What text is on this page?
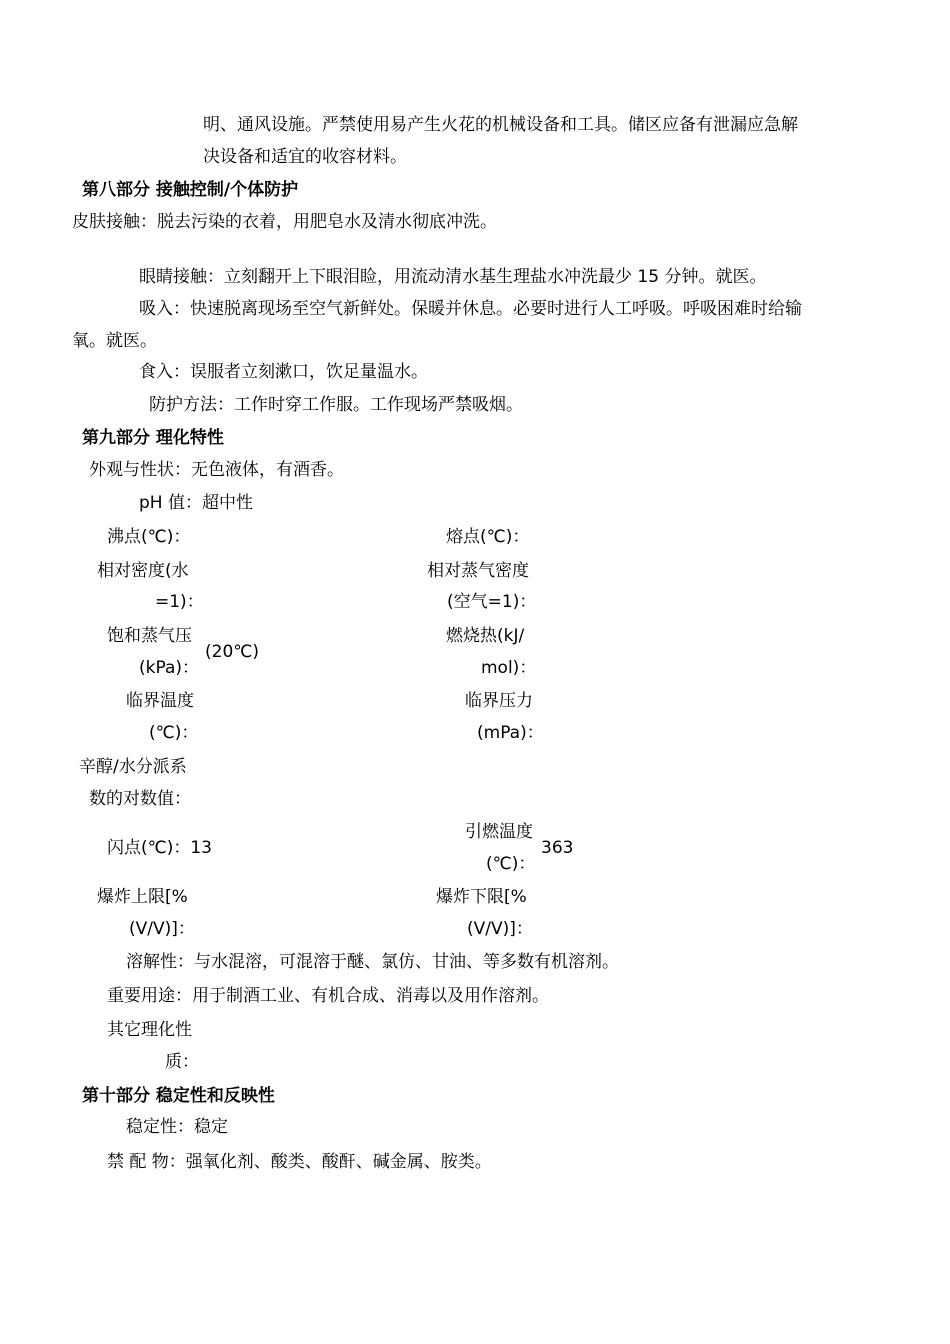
明、通风设施。严禁使用易产生火花的机械设备和工具。储区应备有泄漏应急解
决设备和适宜的收容材料。
第八部分 接触控制/个体防护
皮肤接触：脱去污染的衣着，用肥皂水及清水彻底冲洗。
眼睛接触：立刻翻开上下眼泪睑，用流动清水基生理盐水冲洗最少 15 分钟。就医。
吸入：快速脱离现场至空气新鲜处。保暖并休息。必要时进行人工呼吸。呼吸困难时给输
氧。就医。
食入：误服者立刻漱口，饮足量温水。
防护方法：工作时穿工作服。工作现场严禁吸烟。
第九部分 理化特性
外观与性状：无色液体，有酒香。
pH 值：超中性
沸点(℃)：	熔点(℃)：
相对密度(水
=1)：
相对蒸气密度
(空气=1)：
饱和蒸气压
(kPa)：
(20℃)
燃烧热(kJ/
mol)：
临界温度
(℃)：
临界压力
(mPa)：
辛醇/水分派系
数的对数值：
闪点(℃)：13
引燃温度
(℃)：
363
爆炸上限[%
(V/V)]：
爆炸下限[%
(V/V)]：
溶解性：与水混溶，可混溶于醚、氯仿、甘油、等多数有机溶剂。
重要用途：用于制酒工业、有机合成、消毒以及用作溶剂。
其它理化性
质：
第十部分 稳定性和反映性
稳定性：稳定
禁 配 物：强氧化剂、酸类、酸酐、碱金属、胺类。
